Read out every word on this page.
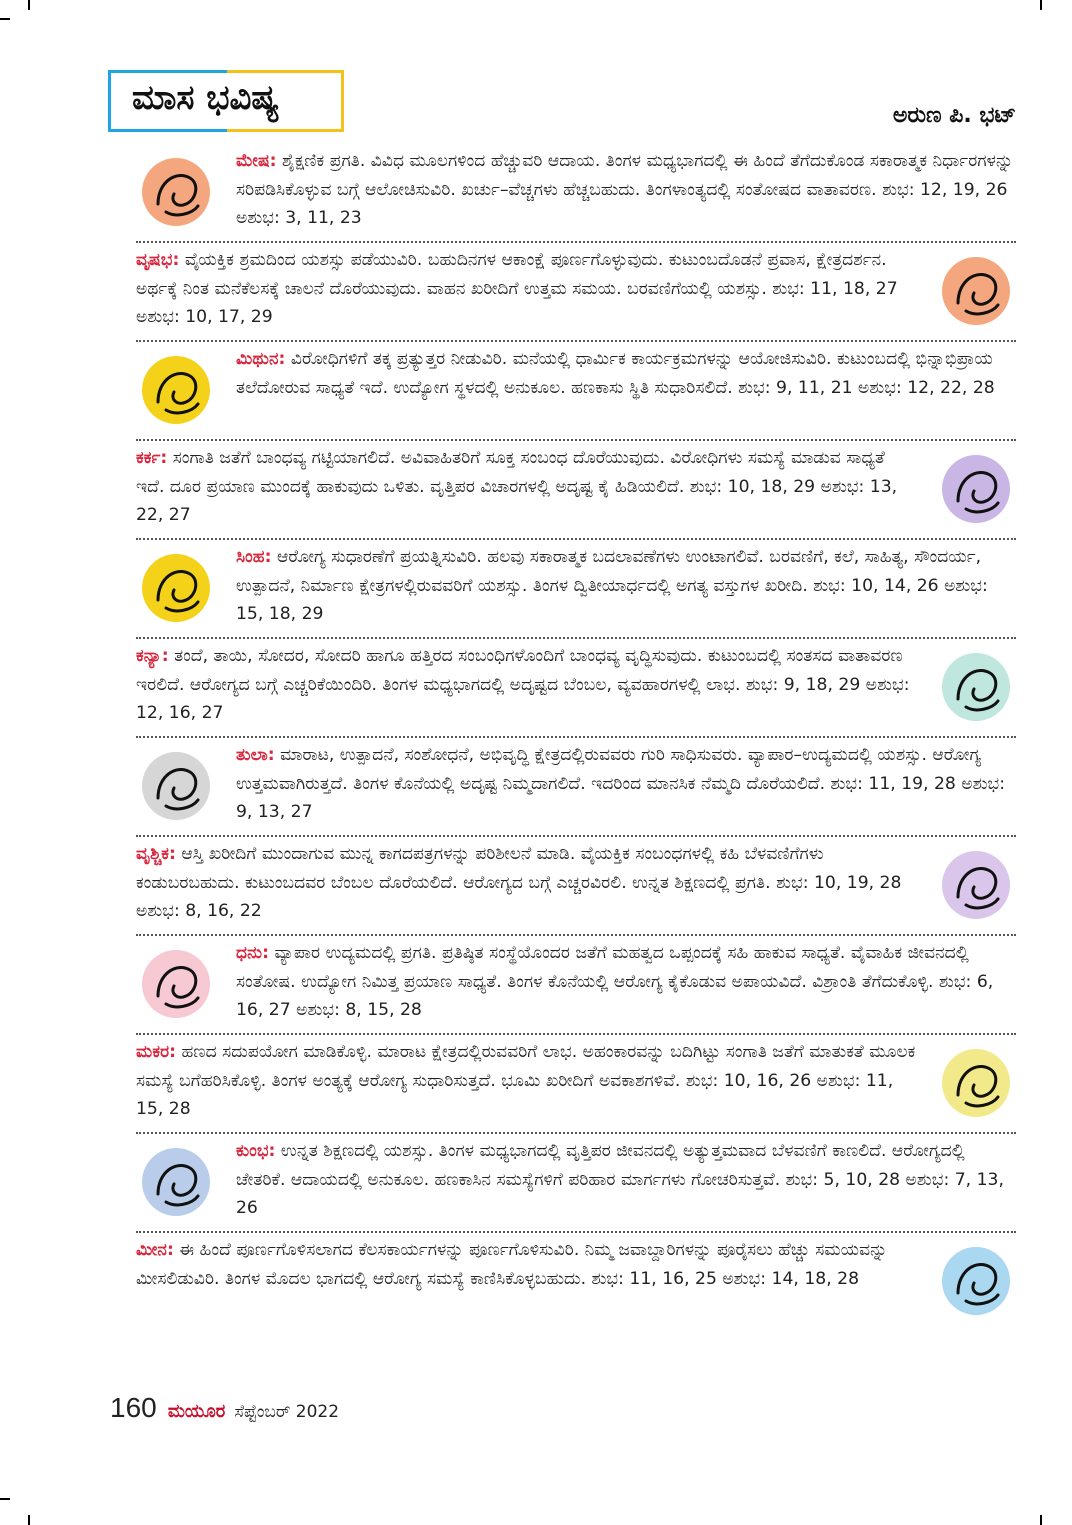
ಮಾಸ ಭವಿಷ್ಯ	ಅರುಣ ಪಿ. ಭಟ್
ಮೇಷ: ಶೈಕ್ಷಣಿಕ ಪ್ರಗತಿ. ವಿವಿಧ ಮೂಲಗಳಿಂದ ಹೆಚ್ಚುವರಿ ಆದಾಯ. ತಿಂಗಳ ಮಧ್ಯಭಾಗದಲ್ಲಿ ಈ ಹಿಂದೆ ತೆಗೆದುಕೊಂಡ ಸಕಾರಾತ್ಮಕ ನಿರ್ಧಾರಗಳನ್ನು ಸರಿಪಡಿಸಿಕೊಳ್ಳುವ ಬಗ್ಗೆ ಆಲೋಚಿಸುವಿರಿ. ಖರ್ಚು–ವೆಚ್ಚಗಳು ಹೆಚ್ಚಬಹುದು. ತಿಂಗಳಾಂತ್ಯದಲ್ಲಿ ಸಂತೋಷದ ವಾತಾವರಣ. ಶುಭ: 12, 19, 26 ಅಶುಭ: 3, 11, 23
ವೃಷಭ: ವೈಯಕ್ತಿಕ ಶ್ರಮದಿಂದ ಯಶಸ್ಸು ಪಡೆಯುವಿರಿ. ಬಹುದಿನಗಳ ಆಕಾಂಕ್ಷೆ ಪೂರ್ಣಗೊಳ್ಳುವುದು. ಕುಟುಂಬದೊಡನೆ ಪ್ರವಾಸ, ಕ್ಷೇತ್ರದರ್ಶನ. ಅರ್ಥಕ್ಕೆ ನಿಂತ ಮನೆಕೆಲಸಕ್ಕೆ ಚಾಲನೆ ದೊರೆಯುವುದು. ವಾಹನ ಖರೀದಿಗೆ ಉತ್ತಮ ಸಮಯ. ಬರವಣಿಗೆಯಲ್ಲಿ ಯಶಸ್ಸು. ಶುಭ: 11, 18, 27 ಅಶುಭ: 10, 17, 29
ಮಿಥುನ: ವಿರೋಧಿಗಳಿಗೆ ತಕ್ಕ ಪ್ರತ್ಯುತ್ತರ ನೀಡುವಿರಿ. ಮನೆಯಲ್ಲಿ ಧಾರ್ಮಿಕ ಕಾರ್ಯಕ್ರಮಗಳನ್ನು ಆಯೋಜಿಸುವಿರಿ. ಕುಟುಂಬದಲ್ಲಿ ಭಿನ್ನಾಭಿಪ್ರಾಯ ತಲೆದೋರುವ ಸಾಧ್ಯತೆ ಇದೆ. ಉದ್ಯೋಗ ಸ್ಥಳದಲ್ಲಿ ಅನುಕೂಲ. ಹಣಕಾಸು ಸ್ಥಿತಿ ಸುಧಾರಿಸಲಿದೆ. ಶುಭ: 9, 11, 21 ಅಶುಭ: 12, 22, 28
ಕರ್ಕ: ಸಂಗಾತಿ ಜತೆಗೆ ಬಾಂಧವ್ಯ ಗಟ್ಟಿಯಾಗಲಿದೆ. ಅವಿವಾಹಿತರಿಗೆ ಸೂಕ್ತ ಸಂಬಂಧ ದೊರೆಯುವುದು. ವಿರೋಧಿಗಳು ಸಮಸ್ಯೆ ಮಾಡುವ ಸಾಧ್ಯತೆ ಇದೆ. ದೂರ ಪ್ರಯಾಣ ಮುಂದಕ್ಕೆ ಹಾಕುವುದು ಒಳಿತು. ವೃತ್ತಿಪರ ವಿಚಾರಗಳಲ್ಲಿ ಅದೃಷ್ಟ ಕೈ ಹಿಡಿಯಲಿದೆ. ಶುಭ: 10, 18, 29 ಅಶುಭ: 13, 22, 27
ಸಿಂಹ: ಆರೋಗ್ಯ ಸುಧಾರಣೆಗೆ ಪ್ರಯತ್ನಿಸುವಿರಿ. ಹಲವು ಸಕಾರಾತ್ಮಕ ಬದಲಾವಣೆಗಳು ಉಂಟಾಗಲಿವೆ. ಬರವಣಿಗೆ, ಕಲೆ, ಸಾಹಿತ್ಯ, ಸೌಂದರ್ಯ, ಉತ್ಪಾದನೆ, ನಿರ್ಮಾಣ ಕ್ಷೇತ್ರಗಳಲ್ಲಿರುವವರಿಗೆ ಯಶಸ್ಸು. ತಿಂಗಳ ದ್ವಿತೀಯಾರ್ಧದಲ್ಲಿ ಅಗತ್ಯ ವಸ್ತುಗಳ ಖರೀದಿ. ಶುಭ: 10, 14, 26 ಅಶುಭ: 15, 18, 29
ಕನ್ಯಾ: ತಂದೆ, ತಾಯಿ, ಸೋದರ, ಸೋದರಿ ಹಾಗೂ ಹತ್ತಿರದ ಸಂಬಂಧಿಗಳೊಂದಿಗೆ ಬಾಂಧವ್ಯ ವೃದ್ಧಿಸುವುದು. ಕುಟುಂಬದಲ್ಲಿ ಸಂತಸದ ವಾತಾವರಣ ಇರಲಿದೆ. ಆರೋಗ್ಯದ ಬಗ್ಗೆ ಎಚ್ಚರಿಕೆಯಿಂದಿರಿ. ತಿಂಗಳ ಮಧ್ಯಭಾಗದಲ್ಲಿ ಅದೃಷ್ಟದ ಬೆಂಬಲ, ವ್ಯವಹಾರಗಳಲ್ಲಿ ಲಾಭ. ಶುಭ: 9, 18, 29 ಅಶುಭ: 12, 16, 27
ತುಲಾ: ಮಾರಾಟ, ಉತ್ಪಾದನೆ, ಸಂಶೋಧನೆ, ಅಭಿವೃದ್ಧಿ ಕ್ಷೇತ್ರದಲ್ಲಿರುವವರು ಗುರಿ ಸಾಧಿಸುವರು. ವ್ಯಾಪಾರ–ಉದ್ಯಮದಲ್ಲಿ ಯಶಸ್ಸು. ಆರೋಗ್ಯ ಉತ್ತಮವಾಗಿರುತ್ತದೆ. ತಿಂಗಳ ಕೊನೆಯಲ್ಲಿ ಅದೃಷ್ಟ ನಿಮ್ಮದಾಗಲಿದೆ. ಇದರಿಂದ ಮಾನಸಿಕ ನೆಮ್ಮದಿ ದೊರೆಯಲಿದೆ. ಶುಭ: 11, 19, 28 ಅಶುಭ: 9, 13, 27
ವೃಶ್ಚಿಕ: ಆಸ್ತಿ ಖರೀದಿಗೆ ಮುಂದಾಗುವ ಮುನ್ನ ಕಾಗದಪತ್ರಗಳನ್ನು ಪರಿಶೀಲನೆ ಮಾಡಿ. ವೈಯಕ್ತಿಕ ಸಂಬಂಧಗಳಲ್ಲಿ ಕಹಿ ಬೆಳವಣಿಗೆಗಳು ಕಂಡುಬರಬಹುದು. ಕುಟುಂಬದವರ ಬೆಂಬಲ ದೊರೆಯಲಿದೆ. ಆರೋಗ್ಯದ ಬಗ್ಗೆ ಎಚ್ಚರವಿರಲಿ. ಉನ್ನತ ಶಿಕ್ಷಣದಲ್ಲಿ ಪ್ರಗತಿ. ಶುಭ: 10, 19, 28 ಅಶುಭ: 8, 16, 22
ಧನು: ವ್ಯಾಪಾರ ಉದ್ಯಮದಲ್ಲಿ ಪ್ರಗತಿ. ಪ್ರತಿಷ್ಠಿತ ಸಂಸ್ಥೆಯೊಂದರ ಜತೆಗೆ ಮಹತ್ವದ ಒಪ್ಪಂದಕ್ಕೆ ಸಹಿ ಹಾಕುವ ಸಾಧ್ಯತೆ. ವೈವಾಹಿಕ ಜೀವನದಲ್ಲಿ ಸಂತೋಷ. ಉದ್ಯೋಗ ನಿಮಿತ್ತ ಪ್ರಯಾಣ ಸಾಧ್ಯತೆ. ತಿಂಗಳ ಕೊನೆಯಲ್ಲಿ ಆರೋಗ್ಯ ಕೈಕೊಡುವ ಅಪಾಯವಿದೆ. ವಿಶ್ರಾಂತಿ ತೆಗೆದುಕೊಳ್ಳಿ. ಶುಭ: 6, 16, 27 ಅಶುಭ: 8, 15, 28
ಮಕರ: ಹಣದ ಸದುಪಯೋಗ ಮಾಡಿಕೊಳ್ಳಿ. ಮಾರಾಟ ಕ್ಷೇತ್ರದಲ್ಲಿರುವವರಿಗೆ ಲಾಭ. ಅಹಂಕಾರವನ್ನು ಬದಿಗಿಟ್ಟು ಸಂಗಾತಿ ಜತೆಗೆ ಮಾತುಕತೆ ಮೂಲಕ ಸಮಸ್ಯೆ ಬಗೆಹರಿಸಿಕೊಳ್ಳಿ. ತಿಂಗಳ ಅಂತ್ಯಕ್ಕೆ ಆರೋಗ್ಯ ಸುಧಾರಿಸುತ್ತದೆ. ಭೂಮಿ ಖರೀದಿಗೆ ಅವಕಾಶಗಳಿವೆ. ಶುಭ: 10, 16, 26 ಅಶುಭ: 11, 15, 28
ಕುಂಭ: ಉನ್ನತ ಶಿಕ್ಷಣದಲ್ಲಿ ಯಶಸ್ಸು. ತಿಂಗಳ ಮಧ್ಯಭಾಗದಲ್ಲಿ ವೃತ್ತಿಪರ ಜೀವನದಲ್ಲಿ ಅತ್ಯುತ್ತಮವಾದ ಬೆಳವಣಿಗೆ ಕಾಣಲಿದೆ. ಆರೋಗ್ಯದಲ್ಲಿ ಚೇತರಿಕೆ. ಆದಾಯದಲ್ಲಿ ಅನುಕೂಲ. ಹಣಕಾಸಿನ ಸಮಸ್ಯೆಗಳಿಗೆ ಪರಿಹಾರ ಮಾರ್ಗಗಳು ಗೋಚರಿಸುತ್ತವೆ. ಶುಭ: 5, 10, 28 ಅಶುಭ: 7, 13, 26
ಮೀನ: ಈ ಹಿಂದೆ ಪೂರ್ಣಗೊಳಿಸಲಾಗದ ಕೆಲಸಕಾರ್ಯಗಳನ್ನು ಪೂರ್ಣಗೊಳಿಸುವಿರಿ. ನಿಮ್ಮ ಜವಾಬ್ದಾರಿಗಳನ್ನು ಪೂರೈಸಲು ಹೆಚ್ಚು ಸಮಯವನ್ನು ಮೀಸಲಿಡುವಿರಿ. ತಿಂಗಳ ಮೊದಲ ಭಾಗದಲ್ಲಿ ಆರೋಗ್ಯ ಸಮಸ್ಯೆ ಕಾಣಿಸಿಕೊಳ್ಳಬಹುದು. ಶುಭ: 11, 16, 25 ಅಶುಭ: 14, 18, 28
160 ಮಯೂರ ಸೆಪ್ಟೆಂಬರ್ 2022
